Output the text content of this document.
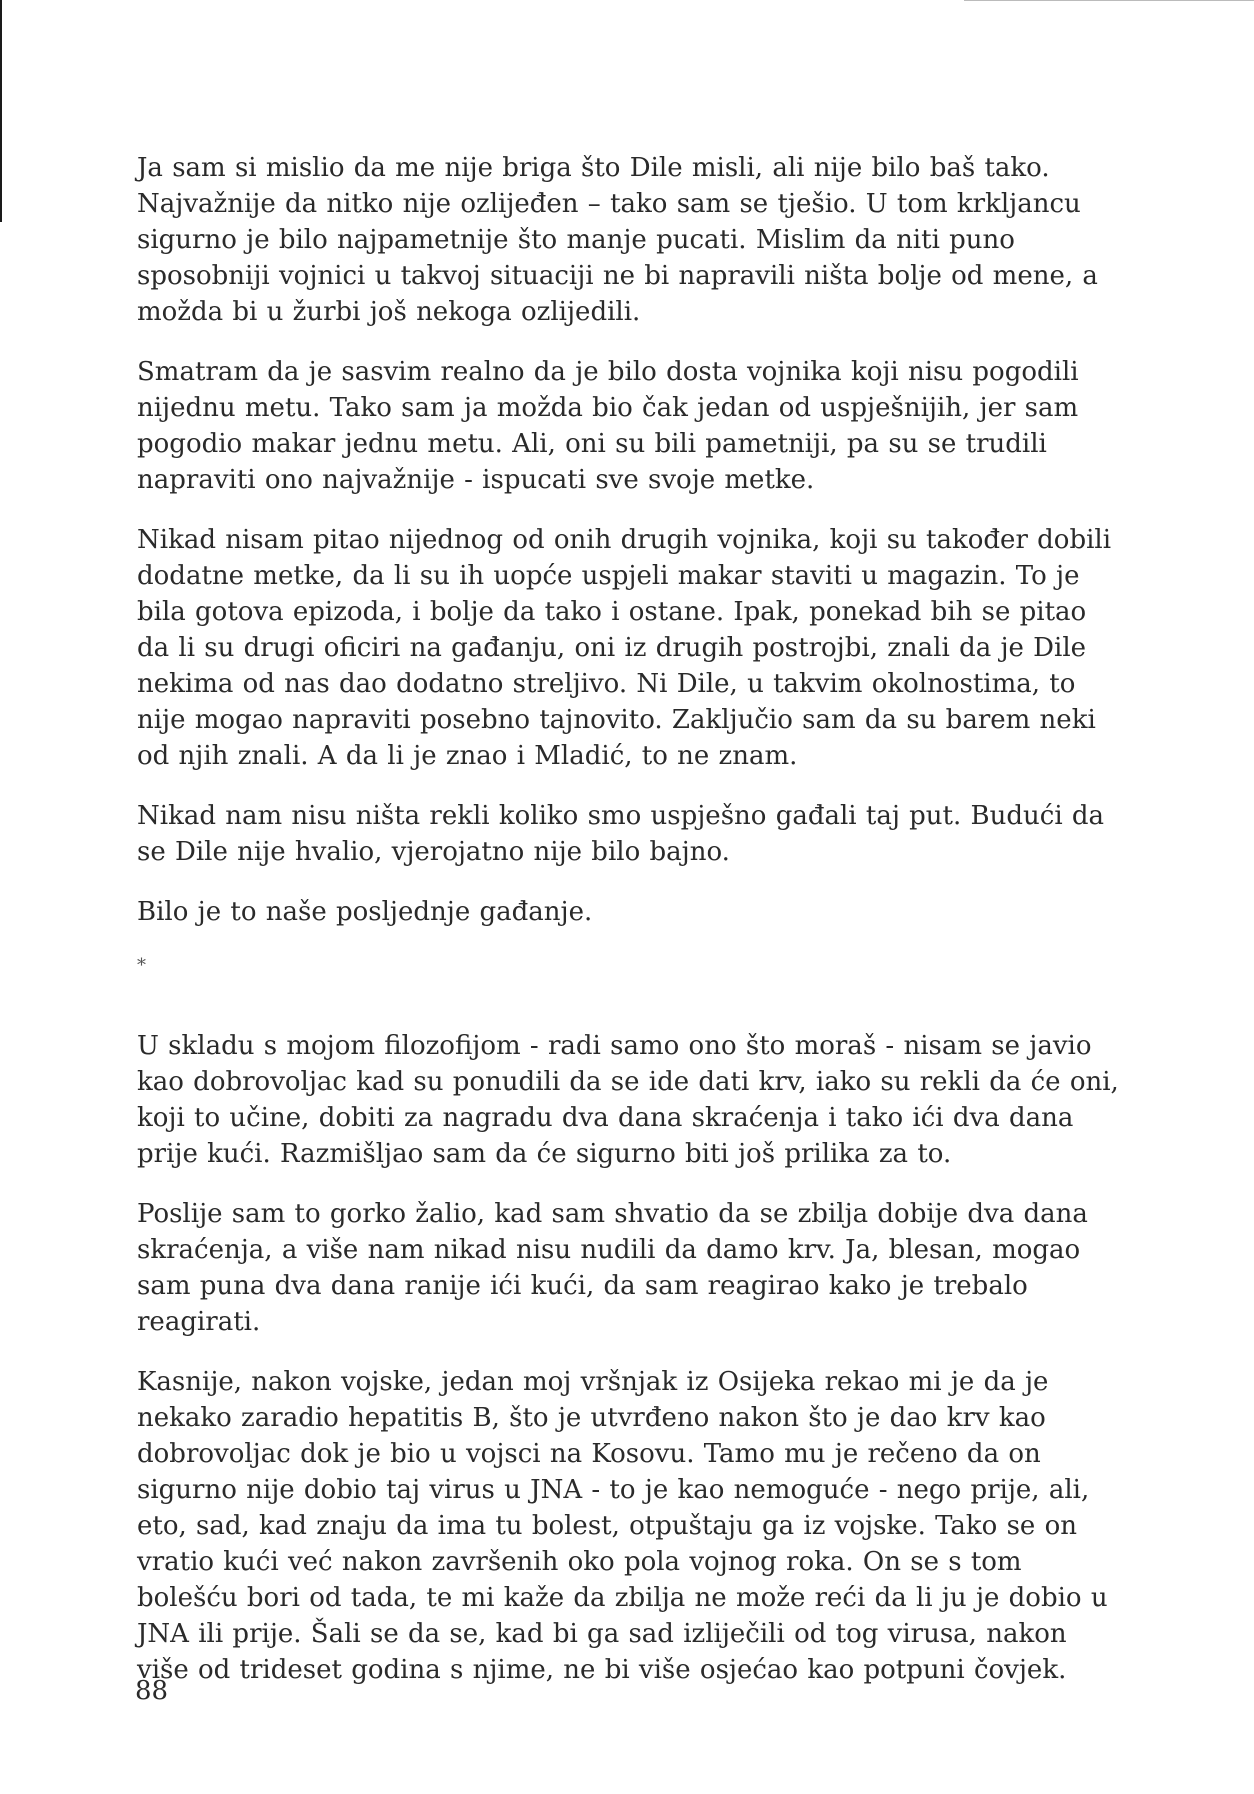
Ja sam si mislio da me nije briga što Dile misli, ali nije bilo baš tako. Najvažnije da nitko nije ozlijeđen – tako sam se tješio. U tom krkljancu sigurno je bilo najpametnije što manje pucati. Mislim da niti puno sposobniji vojnici u takvoj situaciji ne bi napravili ništa bolje od mene, a možda bi u žurbi još nekoga ozlijedili.

Smatram da je sasvim realno da je bilo dosta vojnika koji nisu pogodili nijednu metu. Tako sam ja možda bio čak jedan od uspješnijih, jer sam pogodio makar jednu metu. Ali, oni su bili pametniji, pa su se trudili napraviti ono najvažnije - ispucati sve svoje metke.

Nikad nisam pitao nijednog od onih drugih vojnika, koji su također dobili dodatne metke, da li su ih uopće uspjeli makar staviti u magazin. To je bila gotova epizoda, i bolje da tako i ostane. Ipak, ponekad bih se pitao da li su drugi oficiri na gađanju, oni iz drugih postrojbi, znali da je Dile nekima od nas dao dodatno streljivo. Ni Dile, u takvim okolnostima, to nije mogao napraviti posebno tajnovito. Zaključio sam da su barem neki od njih znali. A da li je znao i Mladić, to ne znam.

Nikad nam nisu ništa rekli koliko smo uspješno gađali taj put. Budući da se Dile nije hvalio, vjerojatno nije bilo bajno.

Bilo je to naše posljednje gađanje.

*

U skladu s mojom filozofijom - radi samo ono što moraš - nisam se javio kao dobrovoljac kad su ponudili da se ide dati krv, iako su rekli da će oni, koji to učine, dobiti za nagradu dva dana skraćenja i tako ići dva dana prije kući. Razmišljao sam da će sigurno biti još prilika za to.

Poslije sam to gorko žalio, kad sam shvatio da se zbilja dobije dva dana skraćenja, a više nam nikad nisu nudili da damo krv. Ja, blesan, mogao sam puna dva dana ranije ići kući, da sam reagirao kako je trebalo reagirati.

Kasnije, nakon vojske, jedan moj vršnjak iz Osijeka rekao mi je da je nekako zaradio hepatitis B, što je utvrđeno nakon što je dao krv kao dobrovoljac dok je bio u vojsci na Kosovu. Tamo mu je rečeno da on sigurno nije dobio taj virus u JNA - to je kao nemoguće - nego prije, ali, eto, sad, kad znaju da ima tu bolest, otpuštaju ga iz vojske. Tako se on vratio kući već nakon završenih oko pola vojnog roka. On se s tom bolešću bori od tada, te mi kaže da zbilja ne može reći da li ju je dobio u JNA ili prije. Šali se da se, kad bi ga sad izliječili od tog virusa, nakon više od trideset godina s njime, ne bi više osjećao kao potpuni čovjek.

88
